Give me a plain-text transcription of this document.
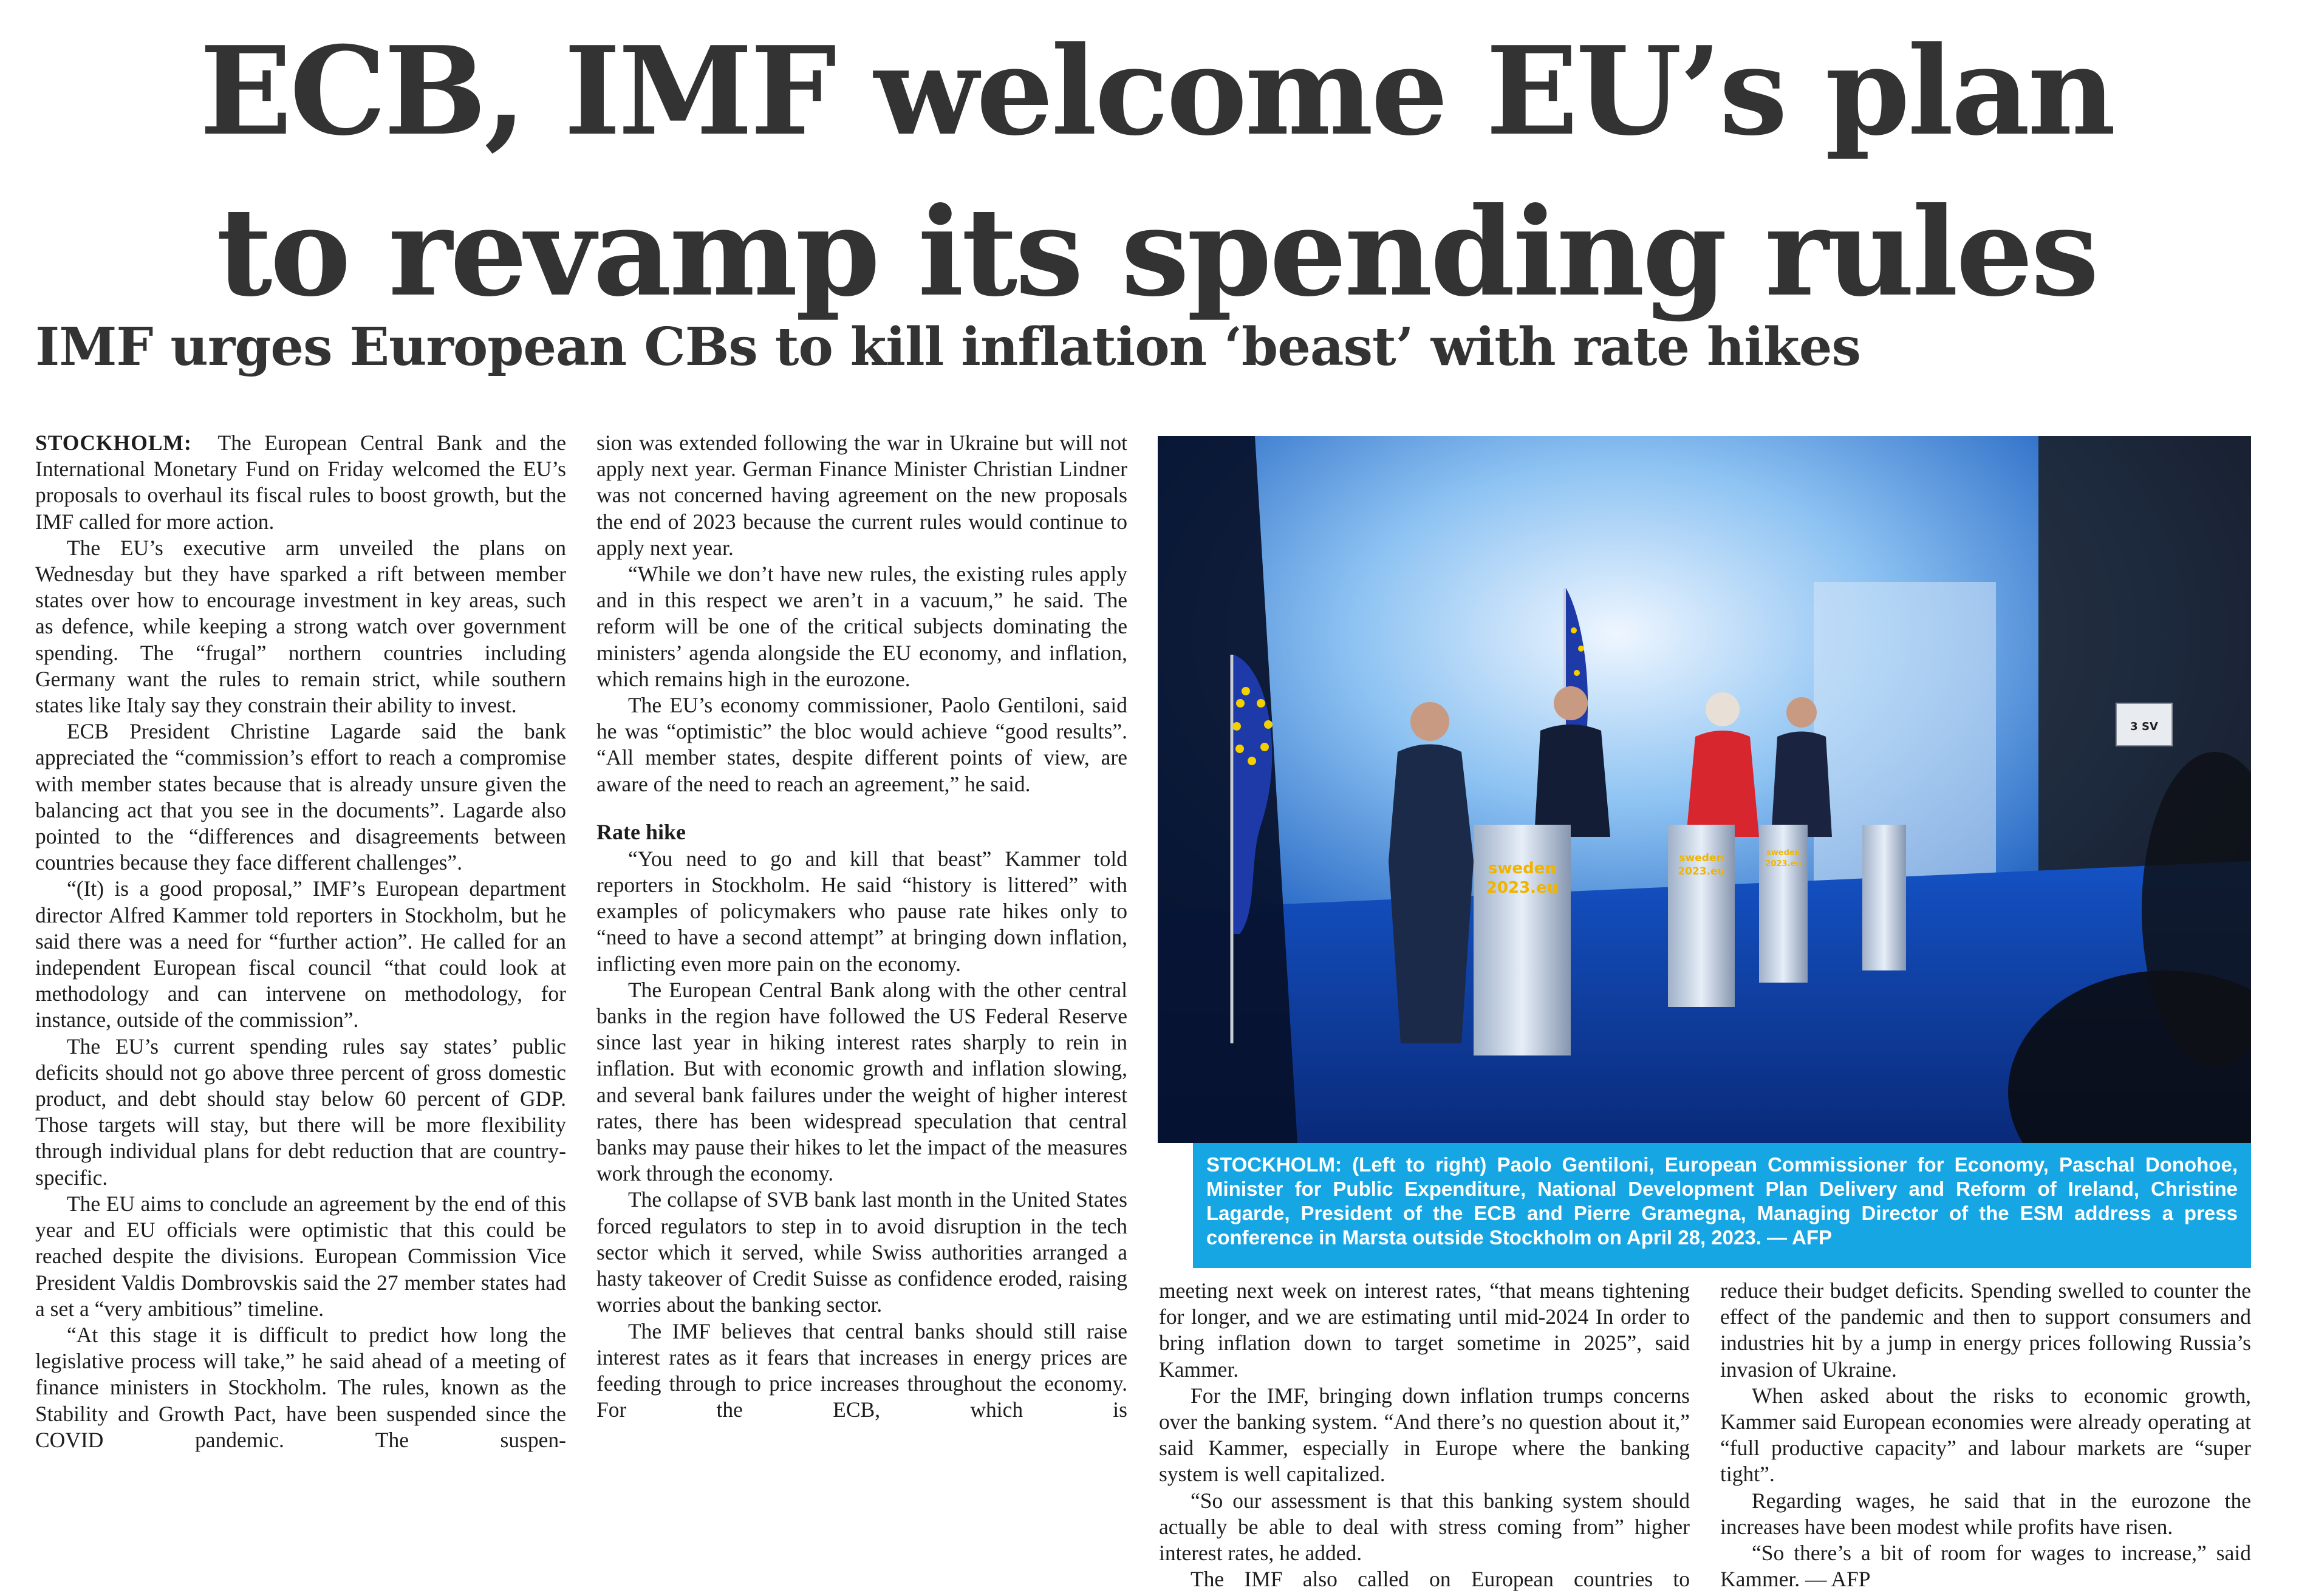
ECB, IMF welcome EU’s plan
to revamp its spending rules
IMF urges European CBs to kill inflation ‘beast’ with rate hikes

STOCKHOLM: The European Central Bank and the International Monetary Fund on Friday welcomed the EU’s proposals to overhaul its fiscal rules to boost growth, but the IMF called for more action.

The EU’s executive arm unveiled the plans on Wednesday but they have sparked a rift between member states over how to encourage investment in key areas, such as defence, while keeping a strong watch over government spending. The “frugal” northern countries including Germany want the rules to remain strict, while southern states like Italy say they constrain their ability to invest.

ECB President Christine Lagarde said the bank appreciated the “commission’s effort to reach a compromise with member states because that is already unsure given the balancing act that you see in the documents”. Lagarde also pointed to the “differences and disagreements between countries because they face different challenges”.

“(It) is a good proposal,” IMF’s European department director Alfred Kammer told reporters in Stockholm, but he said there was a need for “further action”. He called for an independent European fiscal council “that could look at methodology and can intervene on methodology, for instance, outside of the commission”.

The EU’s current spending rules say states’ public deficits should not go above three percent of gross domestic product, and debt should stay below 60 percent of GDP. Those targets will stay, but there will be more flexibility through individual plans for debt reduction that are country-specific.

The EU aims to conclude an agreement by the end of this year and EU officials were optimistic that this could be reached despite the divisions. European Commission Vice President Valdis Dombrovskis said the 27 member states had a set a “very ambitious” timeline.

“At this stage it is difficult to predict how long the legislative process will take,” he said ahead of a meeting of finance ministers in Stockholm. The rules, known as the Stability and Growth Pact, have been suspended since the COVID pandemic. The suspen-

sion was extended following the war in Ukraine but will not apply next year. German Finance Minister Christian Lindner was not concerned having agreement on the new proposals the end of 2023 because the current rules would continue to apply next year.

“While we don’t have new rules, the existing rules apply and in this respect we aren’t in a vacuum,” he said. The reform will be one of the critical subjects dominating the ministers’ agenda alongside the EU economy, and inflation, which remains high in the eurozone.

The EU’s economy commissioner, Paolo Gentiloni, said he was “optimistic” the bloc would achieve “good results”. “All member states, despite different points of view, are aware of the need to reach an agreement,” he said.

Rate hike

“You need to go and kill that beast” Kammer told reporters in Stockholm. He said “history is littered” with examples of policymakers who pause rate hikes only to “need to have a second attempt” at bringing down inflation, inflicting even more pain on the economy.

The European Central Bank along with the other central banks in the region have followed the US Federal Reserve since last year in hiking interest rates sharply to rein in inflation. But with economic growth and inflation slowing, and several bank failures under the weight of higher interest rates, there has been widespread speculation that central banks may pause their hikes to let the impact of the measures work through the economy.

The collapse of SVB bank last month in the United States forced regulators to step in to avoid disruption in the tech sector which it served, while Swiss authorities arranged a hasty takeover of Credit Suisse as confidence eroded, raising worries about the banking sector.

The IMF believes that central banks should still raise interest rates as it fears that increases in energy prices are feeding through to price increases throughout the economy. For the ECB, which is

sweden
2023.eu
sweden
2023.eu
sweden
2023.eu
3 SV
STOCKHOLM: (Left to right) Paolo Gentiloni, European Commissioner for Economy, Paschal Donohoe, Minister for Public Expenditure, National Development Plan Delivery and Reform of Ireland, Christine Lagarde, President of the ECB and Pierre Gramegna, Managing Director of the ESM address a press conference in Marsta outside Stockholm on April 28, 2023. — AFP

meeting next week on interest rates, “that means tightening for longer, and we are estimating until mid-2024 In order to bring inflation down to target sometime in 2025”, said Kammer.

For the IMF, bringing down inflation trumps concerns over the banking system. “And there’s no question about it,” said Kammer, especially in Europe where the banking system is well capitalized.

“So our assessment is that this banking system should actually be able to deal with stress coming from” higher interest rates, he added.

The IMF also called on European countries to

reduce their budget deficits. Spending swelled to counter the effect of the pandemic and then to support consumers and industries hit by a jump in energy prices following Russia’s invasion of Ukraine.

When asked about the risks to economic growth, Kammer said European economies were already operating at “full productive capacity” and labour markets are “super tight”.

Regarding wages, he said that in the eurozone the increases have been modest while profits have risen.

“So there’s a bit of room for wages to increase,” said Kammer. — AFP
